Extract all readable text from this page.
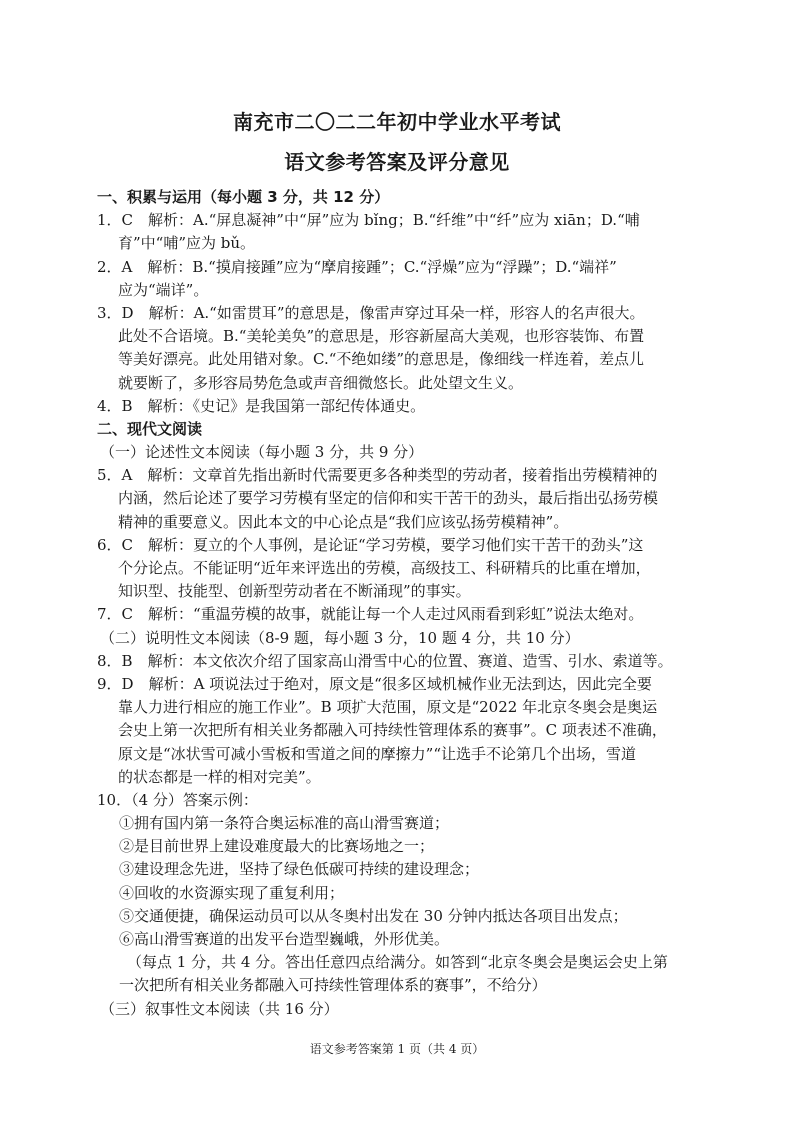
南充市二〇二二年初中学业水平考试
语文参考答案及评分意见
一、积累与运用（每小题 3 分，共 12 分）
1．C　解析：A.“屏息凝神”中“屏”应为 bǐng；B.“纤维”中“纤”应为 xiān；D.“哺
育”中“哺”应为 bǔ。
2．A　解析：B.“摸肩接踵”应为“摩肩接踵”；C.“浮燥”应为“浮躁”；D.“端祥”
应为“端详”。
3．D　解析：A.“如雷贯耳”的意思是，像雷声穿过耳朵一样，形容人的名声很大。
此处不合语境。B.“美轮美奂”的意思是，形容新屋高大美观，也形容装饰、布置
等美好漂亮。此处用错对象。C.“不绝如缕”的意思是，像细线一样连着，差点儿
就要断了，多形容局势危急或声音细微悠长。此处望文生义。
4．B　解析：《史记》是我国第一部纪传体通史。
二、现代文阅读
（一）论述性文本阅读（每小题 3 分，共 9 分）
5．A　解析：文章首先指出新时代需要更多各种类型的劳动者，接着指出劳模精神的
内涵，然后论述了要学习劳模有坚定的信仰和实干苦干的劲头，最后指出弘扬劳模
精神的重要意义。因此本文的中心论点是“我们应该弘扬劳模精神”。
6．C　解析：夏立的个人事例，是论证“学习劳模，要学习他们实干苦干的劲头”这
个分论点。不能证明“近年来评选出的劳模，高级技工、科研精兵的比重在增加，
知识型、技能型、创新型劳动者在不断涌现”的事实。
7．C　解析：“重温劳模的故事，就能让每一个人走过风雨看到彩虹”说法太绝对。
（二）说明性文本阅读（8-9 题，每小题 3 分，10 题 4 分，共 10 分）
8．B　解析：本文依次介绍了国家高山滑雪中心的位置、赛道、造雪、引水、索道等。
9．D　解析：A 项说法过于绝对，原文是“很多区域机械作业无法到达，因此完全要
靠人力进行相应的施工作业”。B 项扩大范围，原文是“2022 年北京冬奥会是奥运
会史上第一次把所有相关业务都融入可持续性管理体系的赛事”。C 项表述不准确，
原文是“冰状雪可减小雪板和雪道之间的摩擦力”“让选手不论第几个出场，雪道
的状态都是一样的相对完美”。
10．（4 分）答案示例：
①拥有国内第一条符合奥运标准的高山滑雪赛道；
②是目前世界上建设难度最大的比赛场地之一；
③建设理念先进，坚持了绿色低碳可持续的建设理念；
④回收的水资源实现了重复利用；
⑤交通便捷，确保运动员可以从冬奥村出发在 30 分钟内抵达各项目出发点；
⑥高山滑雪赛道的出发平台造型巍峨，外形优美。
（每点 1 分，共 4 分。答出任意四点给满分。如答到“北京冬奥会是奥运会史上第
一次把所有相关业务都融入可持续性管理体系的赛事”，不给分）
（三）叙事性文本阅读（共 16 分）
语文参考答案第 1 页（共 4 页）
